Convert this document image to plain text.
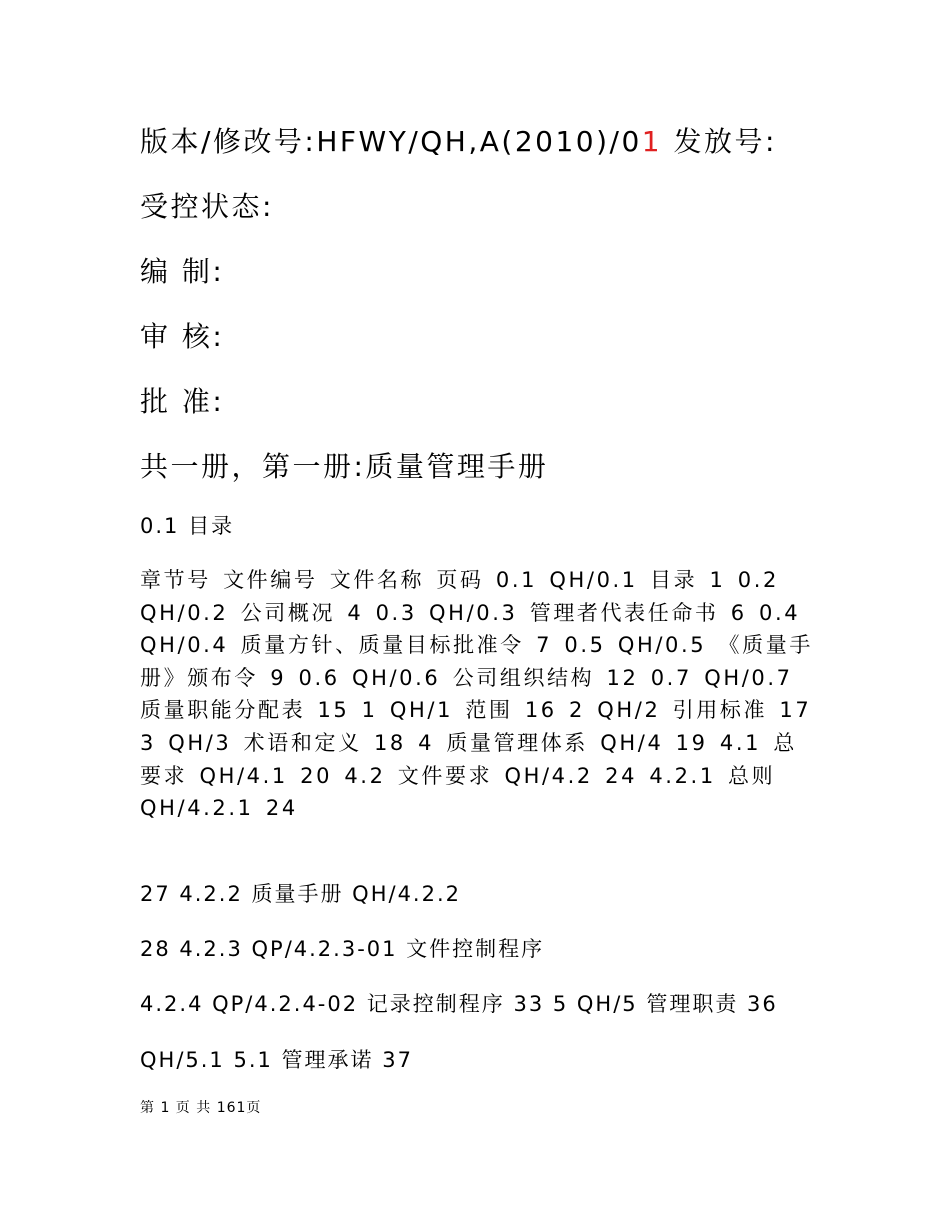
版本/修改号:HFWY/QH,A(2010)/01 发放号:
受控状态:
编 制:
审 核:
批 准:
共一册，第一册:质量管理手册
0.1 目录
章节号 文件编号 文件名称 页码 0.1 QH/0.1 目录 1 0.2 QH/0.2 公司概况 4 0.3 QH/0.3 管理者代表任命书 6 0.4 QH/0.4 质量方针、质量目标批准令 7 0.5 QH/0.5 《质量手册》颁布令 9 0.6 QH/0.6 公司组织结构 12 0.7 QH/0.7 质量职能分配表 15 1 QH/1 范围 16 2 QH/2 引用标准 17 3 QH/3 术语和定义 18 4 质量管理体系 QH/4 19 4.1 总要求 QH/4.1 20 4.2 文件要求 QH/4.2 24 4.2.1 总则 QH/4.2.1 24
27 4.2.2 质量手册 QH/4.2.2
28 4.2.3 QP/4.2.3-01 文件控制程序
4.2.4 QP/4.2.4-02 记录控制程序 33 5 QH/5 管理职责 36
QH/5.1 5.1 管理承诺 37
第 1 页 共 161页
